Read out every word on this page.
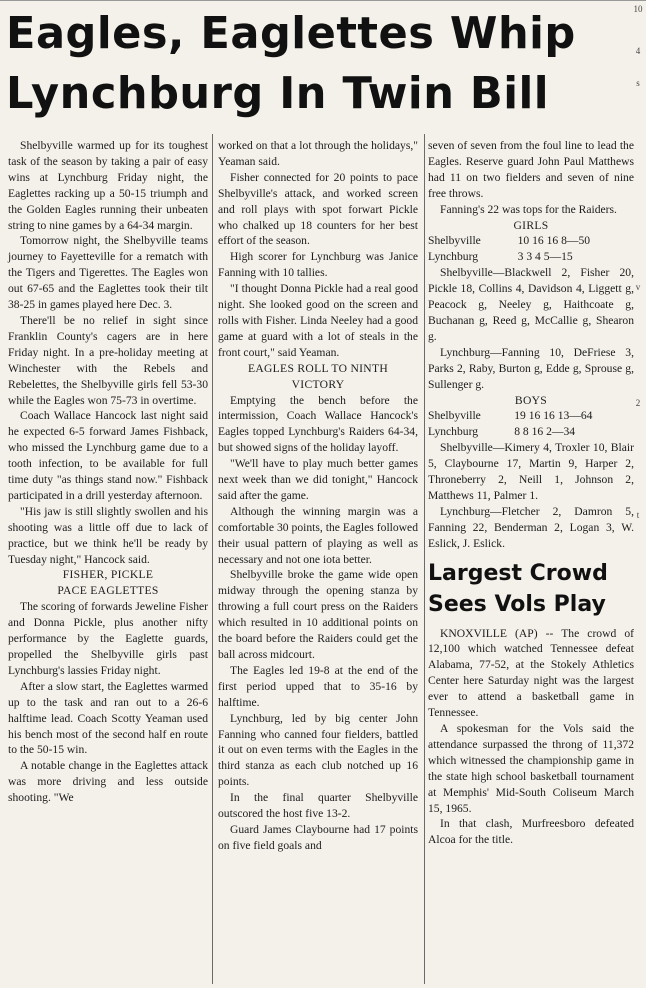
Eagles, Eaglettes Whip
Lynchburg In Twin Bill

Shelbyville warmed up for its toughest task of the season by taking a pair of easy wins at Lynchburg Friday night, the Eaglettes racking up a 50-15 triumph and the Golden Eagles running their unbeaten string to nine games by a 64-34 margin.

Tomorrow night, the Shelbyville teams journey to Fayetteville for a rematch with the Tigers and Tigerettes. The Eagles won out 67-65 and the Eaglettes took their tilt 38-25 in games played here Dec. 3.

There'll be no relief in sight since Franklin County's cagers are in here Friday night. In a pre-holiday meeting at Winchester with the Rebels and Rebelettes, the Shelbyville girls fell 53-30 while the Eagles won 75-73 in overtime.

Coach Wallace Hancock last night said he expected 6-5 forward James Fishback, who missed the Lynchburg game due to a tooth infection, to be available for full time duty "as things stand now." Fishback participated in a drill yesterday afternoon.

"His jaw is still slightly swollen and his shooting was a little off due to lack of practice, but we think he'll be ready by Tuesday night," Hancock said.

FISHER, PICKLE

PACE EAGLETTES

The scoring of forwards Jeweline Fisher and Donna Pickle, plus another nifty performance by the Eaglette guards, propelled the Shelbyville girls past Lynchburg's lassies Friday night.

After a slow start, the Eaglettes warmed up to the task and ran out to a 26-6 halftime lead. Coach Scotty Yeaman used his bench most of the second half en route to the 50-15 win.

A notable change in the Eaglettes attack was more driving and less outside shooting. "We

worked on that a lot through the holidays," Yeaman said.

Fisher connected for 20 points to pace Shelbyville's attack, and worked screen and roll plays with spot forwart Pickle who chalked up 18 counters for her best effort of the season.

High scorer for Lynchburg was Janice Fanning with 10 tallies.

"I thought Donna Pickle had a real good night. She looked good on the screen and rolls with Fisher. Linda Neeley had a good game at guard with a lot of steals in the front court," said Yeaman.

EAGLES ROLL TO NINTH

VICTORY

Emptying the bench before the intermission, Coach Wallace Hancock's Eagles topped Lynchburg's Raiders 64-34, but showed signs of the holiday layoff.

"We'll have to play much better games next week than we did tonight," Hancock said after the game.

Although the winning margin was a comfortable 30 points, the Eagles followed their usual pattern of playing as well as necessary and not one iota better.

Shelbyville broke the game wide open midway through the opening stanza by throwing a full court press on the Raiders which resulted in 10 additional points on the board before the Raiders could get the ball across midcourt.

The Eagles led 19-8 at the end of the first period upped that to 35-16 by halftime.

Lynchburg, led by big center John Fanning who canned four fielders, battled it out on even terms with the Eagles in the third stanza as each club notched up 16 points.

In the final quarter Shelbyville outscored the host five 13-2.

Guard James Claybourne had 17 points on five field goals and

seven of seven from the foul line to lead the Eagles. Reserve guard John Paul Matthews had 11 on two fielders and seven of nine free throws.

Fanning's 22 was tops for the Raiders.

GIRLS

Shelbyville	10 16 16 8—50
Lynchburg	3 3 4 5—15

Shelbyville—Blackwell 2, Fisher 20, Pickle 18, Collins 4, Davidson 4, Liggett g, Peacock g, Neeley g, Haithcoate g, Buchanan g, Reed g, McCallie g, Shearon g.

Lynchburg—Fanning 10, DeFriese 3, Parks 2, Raby, Burton g, Edde g, Sprouse g, Sullenger g.

BOYS

Shelbyville	19 16 16 13—64
Lynchburg	8 8 16 2—34

Shelbyville—Kimery 4, Troxler 10, Blair 5, Claybourne 17, Martin 9, Harper 2, Throneberry 2, Neill 1, Johnson 2, Matthews 11, Palmer 1.

Lynchburg—Fletcher 2, Damron 5, Fanning 22, Benderman 2, Logan 3, W. Eslick, J. Eslick.

Largest Crowd
Sees Vols Play

KNOXVILLE (AP) -- The crowd of 12,100 which watched Tennessee defeat Alabama, 77-52, at the Stokely Athletics Center here Saturday night was the largest ever to attend a basketball game in Tennessee.

A spokesman for the Vols said the attendance surpassed the throng of 11,372 which witnessed the championship game in the state high school basketball tournament at Memphis' Mid-South Coliseum March 15, 1965.

In that clash, Murfreesboro defeated Alcoa for the title.

10
4
s
v
2
t
